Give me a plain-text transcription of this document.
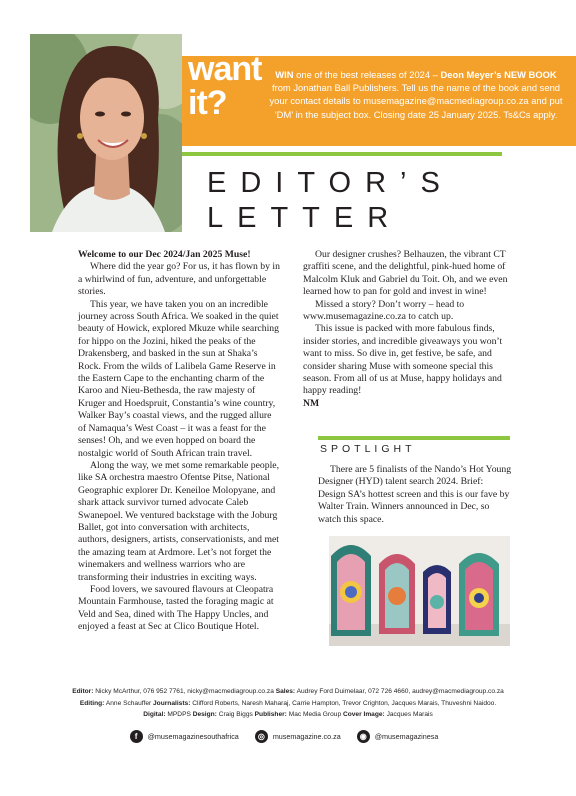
want
it?
WIN one of the best releases of 2024 – Deon Meyer’s NEW BOOK from Jonathan Ball Publishers. Tell us the name of the book and send your contact details to musemagazine@macmediagroup.co.za and put ‘DM’ in the subject box. Closing date 25 January 2025. Ts&Cs apply.
EDITOR’S
LETTER

Welcome to our Dec 2024/Jan 2025 Muse!

Where did the year go? For us, it has flown by in a whirlwind of fun, adventure, and unforgettable stories.

This year, we have taken you on an incredible journey across South Africa. We soaked in the quiet beauty of Howick, explored Mkuze while searching for hippo on the Jozini, hiked the peaks of the Drakensberg, and basked in the sun at Shaka’s Rock. From the wilds of Lalibela Game Reserve in the Eastern Cape to the enchanting charm of the Karoo and Nieu-Bethesda, the raw majesty of Kruger and Hoedspruit, Constantia’s wine country, Walker Bay’s coastal views, and the rugged allure of Namaqua’s West Coast – it was a feast for the senses! Oh, and we even hopped on board the nostalgic world of South African train travel.

Along the way, we met some remarkable people, like SA orchestra maestro Ofentse Pitse, National Geographic explorer Dr. Keneiloe Molopyane, and shark attack survivor turned advocate Caleb Swanepoel. We ventured backstage with the Joburg Ballet, got into conversation with architects, authors, designers, artists, conservationists, and met the amazing team at Ardmore. Let’s not forget the winemakers and wellness warriors who are transforming their industries in exciting ways.

Food lovers, we savoured flavours at Cleopatra Mountain Farmhouse, tasted the foraging magic at Veld and Sea, dined with The Happy Uncles, and enjoyed a feast at Sec at Clico Boutique Hotel.

Our designer crushes? Belhauzen, the vibrant CT graffiti scene, and the delightful, pink-hued home of Malcolm Kluk and Gabriel du Toit. Oh, and we even learned how to pan for gold and invest in wine!

Missed a story? Don’t worry – head to

www.musemagazine.co.za to catch up.

This issue is packed with more fabulous finds, insider stories, and incredible giveaways you won’t want to miss. So dive in, get festive, be safe, and consider sharing Muse with someone special this season. From all of us at Muse, happy holidays and happy reading!

NM

SPOTLIGHT

There are 5 finalists of the Nando’s Hot Young Designer (HYD) talent search 2024. Brief: Design SA’s hottest screen and this is our fave by Walter Train. Winners announced in Dec, so watch this space.

Editor: Nicky McArthur, 076 952 7761, nicky@macmediagroup.co.za Sales: Audrey Ford Duimelaar, 072 726 4660, audrey@macmediagroup.co.za
Editing: Anne Schauffer Journalists: Clifford Roberts, Naresh Maharaj, Carrie Hampton, Trevor Crighton, Jacques Marais, Thuveshni Naidoo.
Digital: MPDPS Design: Craig Biggs Publisher: Mac Media Group Cover Image: Jacques Marais
f	@musemagazinesouthafrica	◎	musemagazine.co.za	◉	@musemagazinesa
